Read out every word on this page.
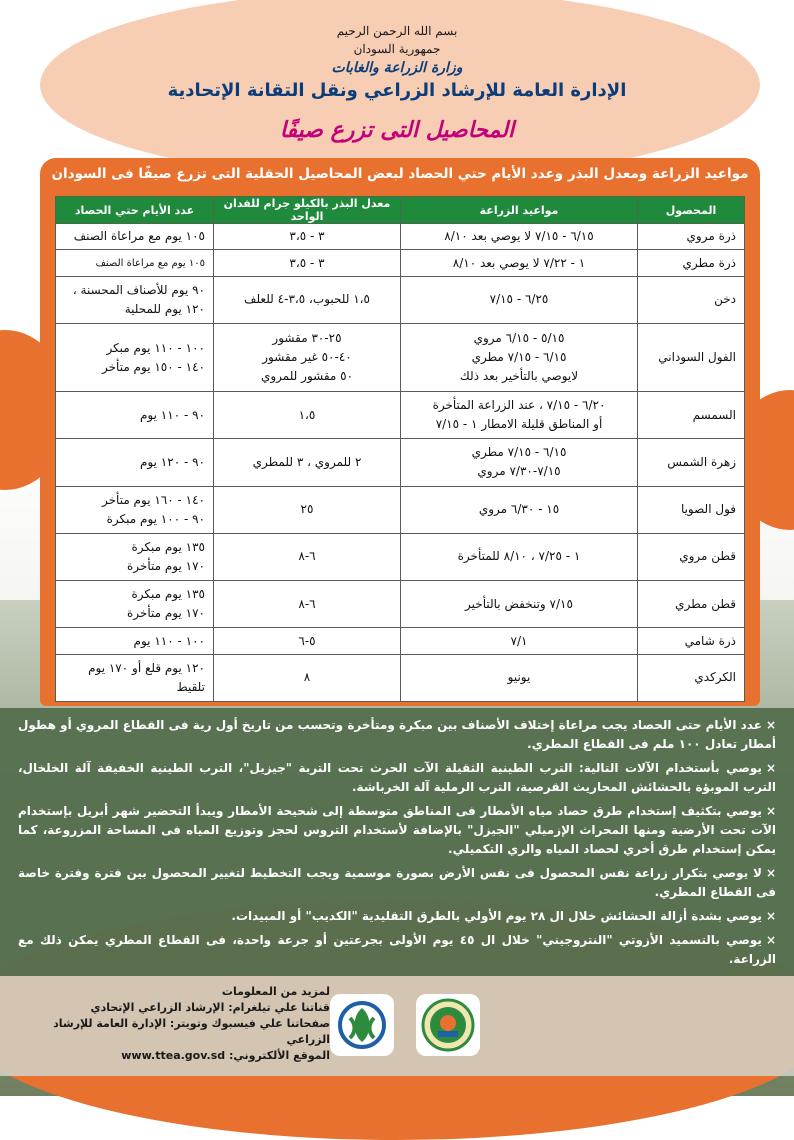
بسم الله الرحمن الرحيم
جمهورية السودان
وزارة الزراعة والغابات
الإدارة العامة للإرشاد الزراعي ونقل التقانة الإتحادية
المحاصيل التى تزرع صيفًا
مواعيد الزراعة ومعدل البذر وعدد الأيام حتي الحصاد لبعض المحاصيل الحقلية التى تزرع صيفًا فى السودان
المحصول	مواعيد الزراعة	معدل البذر بالكيلو جرام للفدان الواحد	عدد الأيام حتي الحصاد
ذرة مروي	٦/١٥ - ٧/١٥ لا يوصي بعد ٨/١٠	٣ - ٣،٥	١٠٥ يوم مع مراعاة الصنف
ذرة مطري	١ - ٧/٢٢ لا يوصي بعد ٨/١٠	٣ - ٣،٥	١٠٥ يوم مع مراعاة الصنف
دخن	٦/٢٥ - ٧/١٥	١،٥ للحبوب، ٣،٥-٤ للعلف	٩٠ يوم للأصناف المحسنة ،
١٢٠ يوم للمحلية
الفول السوداني	٥/١٥ - ٦/١٥ مروي
٦/١٥ - ٧/١٥ مطري
لايوصي بالتأخير بعد ذلك	٢٥-٣٠ مقشور
٤٠-٥٠ غير مقشور
٥٠ مقشور للمروي	١٠٠ - ١١٠ يوم مبكر
١٤٠ - ١٥٠ يوم متأخر
السمسم	٦/٢٠ - ٧/١٥ ، عند الزراعة المتأخرة
أو المناطق قليلة الامطار ١ - ٧/١٥	١،٥	٩٠ - ١١٠ يوم
زهرة الشمس	٦/١٥ - ٧/١٥ مطري
٧/١٥-٧/٣٠ مروي	٢ للمروي ، ٣ للمطري	٩٠ - ١٢٠ يوم
فول الصويا	١٥ - ٦/٣٠ مروي	٢٥	١٤٠ - ١٦٠ يوم متأخر
٩٠ - ١٠٠ يوم مبكرة
قطن مروي	١ - ٧/٢٥ ، ٨/١٠ للمتأخرة	٦-٨	١٣٥ يوم مبكرة
١٧٠ يوم متأخرة
قطن مطري	٧/١٥ وتنخفض بالتأخير	٦-٨	١٣٥ يوم مبكرة
١٧٠ يوم متأخرة
ذرة شامي	٧/١	٥-٦	١٠٠ - ١١٠ يوم
الكركدي	يونيو	٨	١٢٠ يوم قلع أو ١٧٠ يوم تلقيط

×عدد الأيام حتى الحصاد يجب مراعاة إختلاف الأصناف بين مبكرة ومتأخرة وتحسب من تاريخ أول رية فى القطاع المروي أو هطول أمطار تعادل ١٠٠ ملم فى القطاع المطري.

×يوصي بأستخدام الآلات التالية: الترب الطينية الثقيلة الآت الحرث تحت التربة "جيزيل"، الترب الطينية الخفيفة آلة الخلخال، الترب الموبؤة بالحشائش المحاريث القرصية، الترب الرملية آلة الخرباشة.

×يوصي بتكثيف إستخدام طرق حصاد مياه الأمطار فى المناطق متوسطة إلى شحيحة الأمطار ويبدأ التحضير شهر أبريل بإستخدام الآت تحت الأرضية ومنها المحراث الإزميلي "الجيزل" بالإضافة لأستخدام التروس لحجز وتوزيع المياه فى المساحة المزروعة، كما يمكن إستخدام طرق أخري لحصاد المياه والري التكميلي.

×لا يوصي بتكرار زراعة نفس المحصول فى نفس الأرض بصورة موسمية ويجب التخطيط لتغيير المحصول بين فترة وفترة خاصة فى القطاع المطري.

×يوصي بشدة أزالة الحشائش خلال ال ٢٨ يوم الأولي بالطرق التقليدية "الكديب" أو المبيدات.

×يوصي بالتسميد الأزوتي "النتروجيني" خلال ال ٤٥ يوم الأولى بجرعتين أو جرعة واحدة، فى القطاع المطري يمكن ذلك مع الزراعة.

لمزيد من المعلومات
قناتنا علي تيلغرام: الإرشاد الزراعي الإتحادي
صفحاتنا علي فيسبوك وتويتر: الإدارة العامة للإرشاد الزراعي
الموقع الألكتروني: www.ttea.gov.sd
